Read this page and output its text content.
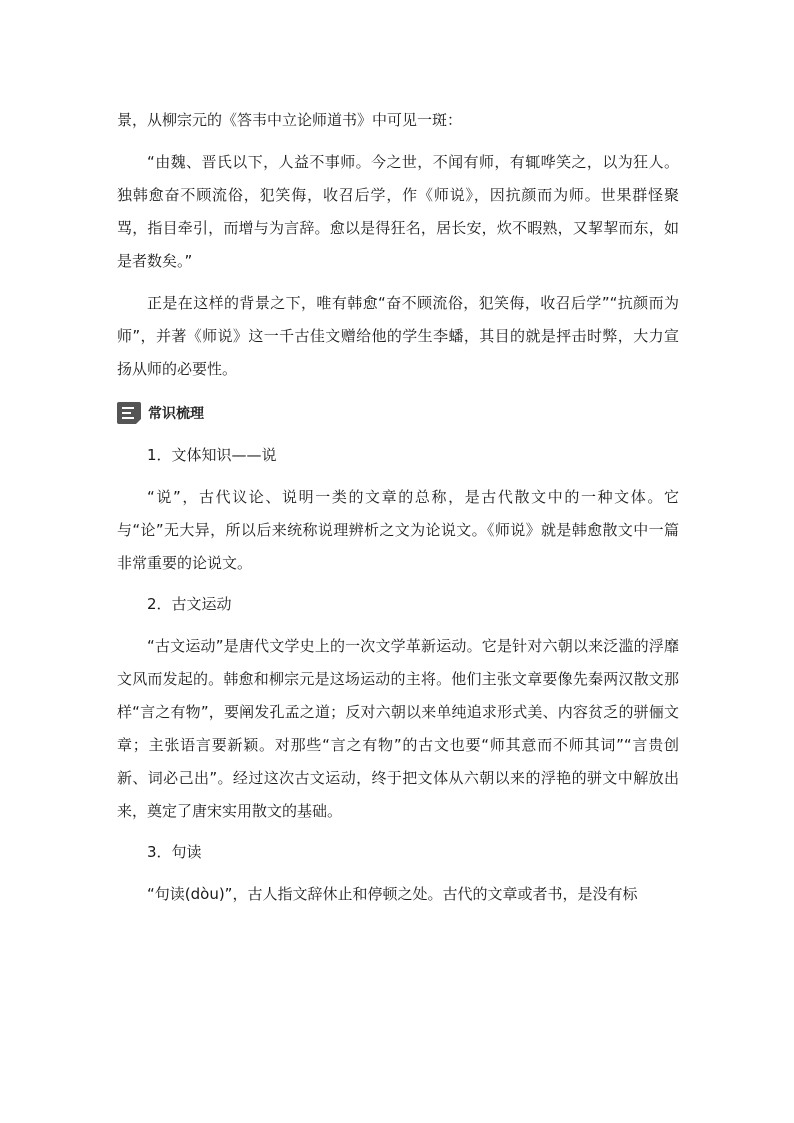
景，从柳宗元的《答韦中立论师道书》中可见一斑：

“由魏、晋氏以下，人益不事师。今之世，不闻有师，有辄哗笑之，以为狂人。独韩愈奋不顾流俗，犯笑侮，收召后学，作《师说》，因抗颜而为师。世果群怪聚骂，指目牵引，而增与为言辞。愈以是得狂名，居长安，炊不暇熟，又挈挈而东，如是者数矣。”

正是在这样的背景之下，唯有韩愈“奋不顾流俗，犯笑侮，收召后学”“抗颜而为师”，并著《师说》这一千古佳文赠给他的学生李蟠，其目的就是抨击时弊，大力宣扬从师的必要性。

常识梳理

1．文体知识——说

“说”，古代议论、说明一类的文章的总称，是古代散文中的一种文体。它与“论”无大异，所以后来统称说理辨析之文为论说文。《师说》就是韩愈散文中一篇非常重要的论说文。

2．古文运动

“古文运动”是唐代文学史上的一次文学革新运动。它是针对六朝以来泛滥的浮靡文风而发起的。韩愈和柳宗元是这场运动的主将。他们主张文章要像先秦两汉散文那样“言之有物”，要阐发孔孟之道；反对六朝以来单纯追求形式美、内容贫乏的骈俪文章；主张语言要新颖。对那些“言之有物”的古文也要“师其意而不师其词”“言贵创新、词必己出”。经过这次古文运动，终于把文体从六朝以来的浮艳的骈文中解放出来，奠定了唐宋实用散文的基础。

3．句读

“句读(dòu)”，古人指文辞休止和停顿之处。古代的文章或者书，是没有标
